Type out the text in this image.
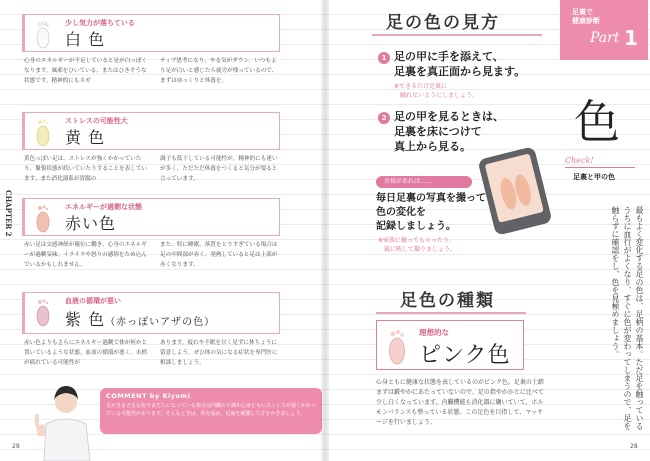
CHAPTER 2
少し気力が落ちている
白 色
心身のエネルギーが不足していると足が白っぽくなります。風邪をひいている、またはひきそうな状態です。精神的にもネガ
ティブ思考になり、やる気がダウン。いつもより足が白いと感じたら疲労が残っているので、まずはゆっくりと休養を。
ストレスの可能性大
黄 色
黄色っぽい足は、ストレスが強くかかっていたり、緊張状態が続いていたりすることを表しています。また消化器系が胃腸の
調子も低下している可能性が。精神的にも迷いが多く、ただただ休養をつくると気分が要ると言っています。
エネルギーが過剰な状態
赤い色
赤い足は交感神経が優位に働き、心身のエネルギーが過剰気味。イライラや怒りの感情をため込んでいるかもしれません。
また、特に睡眠、落質をとりすぎている場合は足の中間部が赤く、発熱していると足は上部が赤くなります。
血液の循環が悪い
紫 色（赤っぽいアザの色）
赤い色よりもさらにエネルギー過剰で体が何かと置いているような状態。血液の循環が悪く、末梢が痛れている可能性が
あります。疲れや不眠を甘く見ずに休ちょうに留意しよう。ぜひ体の気になる症状を専門医に相談しましょう。
COMMENT by Kiyomi
足がきまざまな色でまだらになっている場合は内臓の不調や心身ともにストレスが強くかかっている可能性があります。そんなときは、休を温め、足裏を刺激して汗をかきましょう。
29
足の色の見方
1 足の甲に手を添えて、
足裏を真正面から見ます。
※できるだけ足裏に
　触れないようにしましょう。
2 足の甲を見るときは、
足裏を床につけて
真上から見る。
余裕があれば……
毎日足裏の写真を撮って
色の変化を
記録しましょう。
※家族に撮ってもらったり、
　鏡に映して撮りましょう。
足色の種類
理想的な
ピンク色
心身ともに健康な状態を表しているのがピンク色。足裏の土踏まずは鍛やかにあたっていないので、足の指やかかとに比べて少し白くなっています。内臓機能も消化器に働いていて、ホルモンバランスも整っている状態。この足色を目指して、マッサージを行いましょう。
足裏で
健康診断
Part 1
色
Check!
足裏と甲の色
最もよく変化する足の色は、足柄の基本。ただ足を触っているうちに血行がよくなり、すぐに色が変わってしまうので、足を触らずに確認をし、色を見極めましょう。
28
